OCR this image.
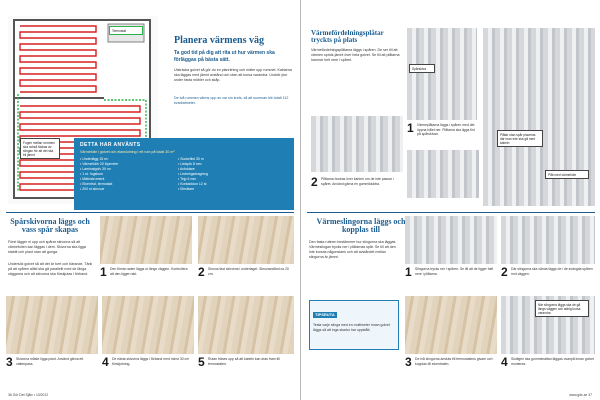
Fogen mellan rummen ska också täckas av slingan för att det ska bli jämnt
Termostat
Planera värmens väg
Ta god tid på dig att rita ut hur värmen ska förläggas på bästa sätt.
Utsträcka golvet så gör du en planritning och mäter upp rummet. Kablarna ska läggas med jämnt avstånd och utan att korsa varandra. Undvik ytor under fasta möbler och skåp.
De två rummen värms upp av var sin krets, så att summan blir totalt 112 kvadratmeter.
DETTA HAR ANVÄNTS
Värmefolie i golvet och elanslutning i ett rum på totalt 30 m²
• Underlägg 15 m²
• Värmefolie 20 löpmeter
• Laminatgolv 30 m²
• 1 st. fogskum
• Mätinstrument
• Elcentral, termostat
• 200 st skruvar
• Sockellist 30 m
• Listspik 8 mm
• Avfuktare
• Ledningsdragning
• Tejp 6 mm
• Kontaktdon 12 st
• Elmätare
Spårskivorna läggs och vass spår skapas
Först lägger ni upp och spårar skivorna så att värmefolien kan läggas i dem. Skivorna ska ligga stabilt och plant utan att gunga.
Undersök golvet så att det är torrt och bärande. Tänk på att spåren alltid ska gå parallellt med de långa väggarna och att skivorna ska förskjutas i förband. 1 Den första raden läggs ut längs väggen. Kontrollera att den ligger rakt.	2 Skruva fast skivorna i underlaget. Skruvavstånd ca 20 cm.
3 Skivorna måste ligga plant. Använd gärna ett vattenpass.	4 De nästa skivorna läggs i förband med minst 30 cm förskjutning.	5 Rutan fräses upp så att kabeln kan dras fram till termostaten.
36 Gör Det Själv • 10/2012
Värmefördelningsplåtar tryckts på plats
Värmefördelningsplåtarna läggs i spåren. De ser till att värmen sprids jämnt över hela golvet. Se till att plåtarna hamnar helt nere i spåret.
Spårskiva
Plåtar utan spår placeras där man inte ska gå med kabeln
Plåt med värmefolie
1 Värmeplåtarna läggs i spåren med det öppna hålet ner. Plåtarna ska ligga fint på spårskivan.
2 Plåtarna bockas över kanten om de inte passar i spåret. Använd gärna en gummiklubba.
Värmeslingorna läggs och kopplas till
Den fasta rutinen bestämmer hur slingorna ska läggas. Värmeslingan trycks ner i plåtarnas spår. Se till att den inte korsas någonstans och att avståndet mellan slingorna är jämnt.
TIPSRUTA
Testa varje slinga med en multimeter innan golvet läggs så att inga skador har uppstått.
1 Slingorna trycks ner i spåren. Se till att de ligger helt nere i plåtarna.	2 Där slingorna ska vända läggs de i de svängda spåren mot väggen.
När slingorna läggs ska de gå längs väggen och aldrig korsa varandra
3 De två slingorna ansluts till termostatens givare och kopplas till elcentralen.	4 Slutligen ska gummimattan läggas ovanpå innan golvet monteras.
www.gds.se 37
